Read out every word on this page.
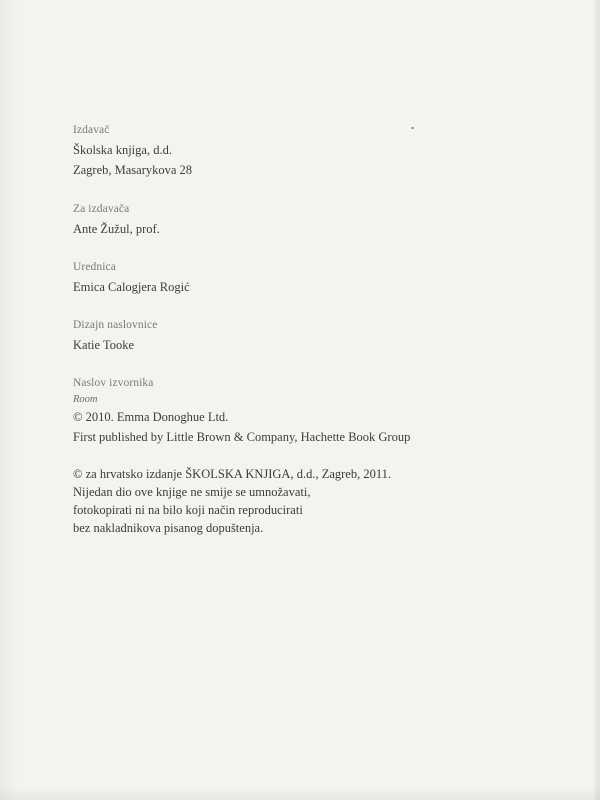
Izdavač
Školska knjiga, d.d.
Zagreb, Masarykova 28
Za izdavača
Ante Žužul, prof.
Urednica
Emica Calogjera Rogić
Dizajn naslovnice
Katie Tooke
Naslov izvornika
Room
© 2010. Emma Donoghue Ltd.
First published by Little Brown & Company, Hachette Book Group
© za hrvatsko izdanje ŠKOLSKA KNJIGA, d.d., Zagreb, 2011.
Nijedan dio ove knjige ne smije se umnožavati,
fotokopirati ni na bilo koji način reproducirati
bez nakladnikova pisanog dopuštenja.
